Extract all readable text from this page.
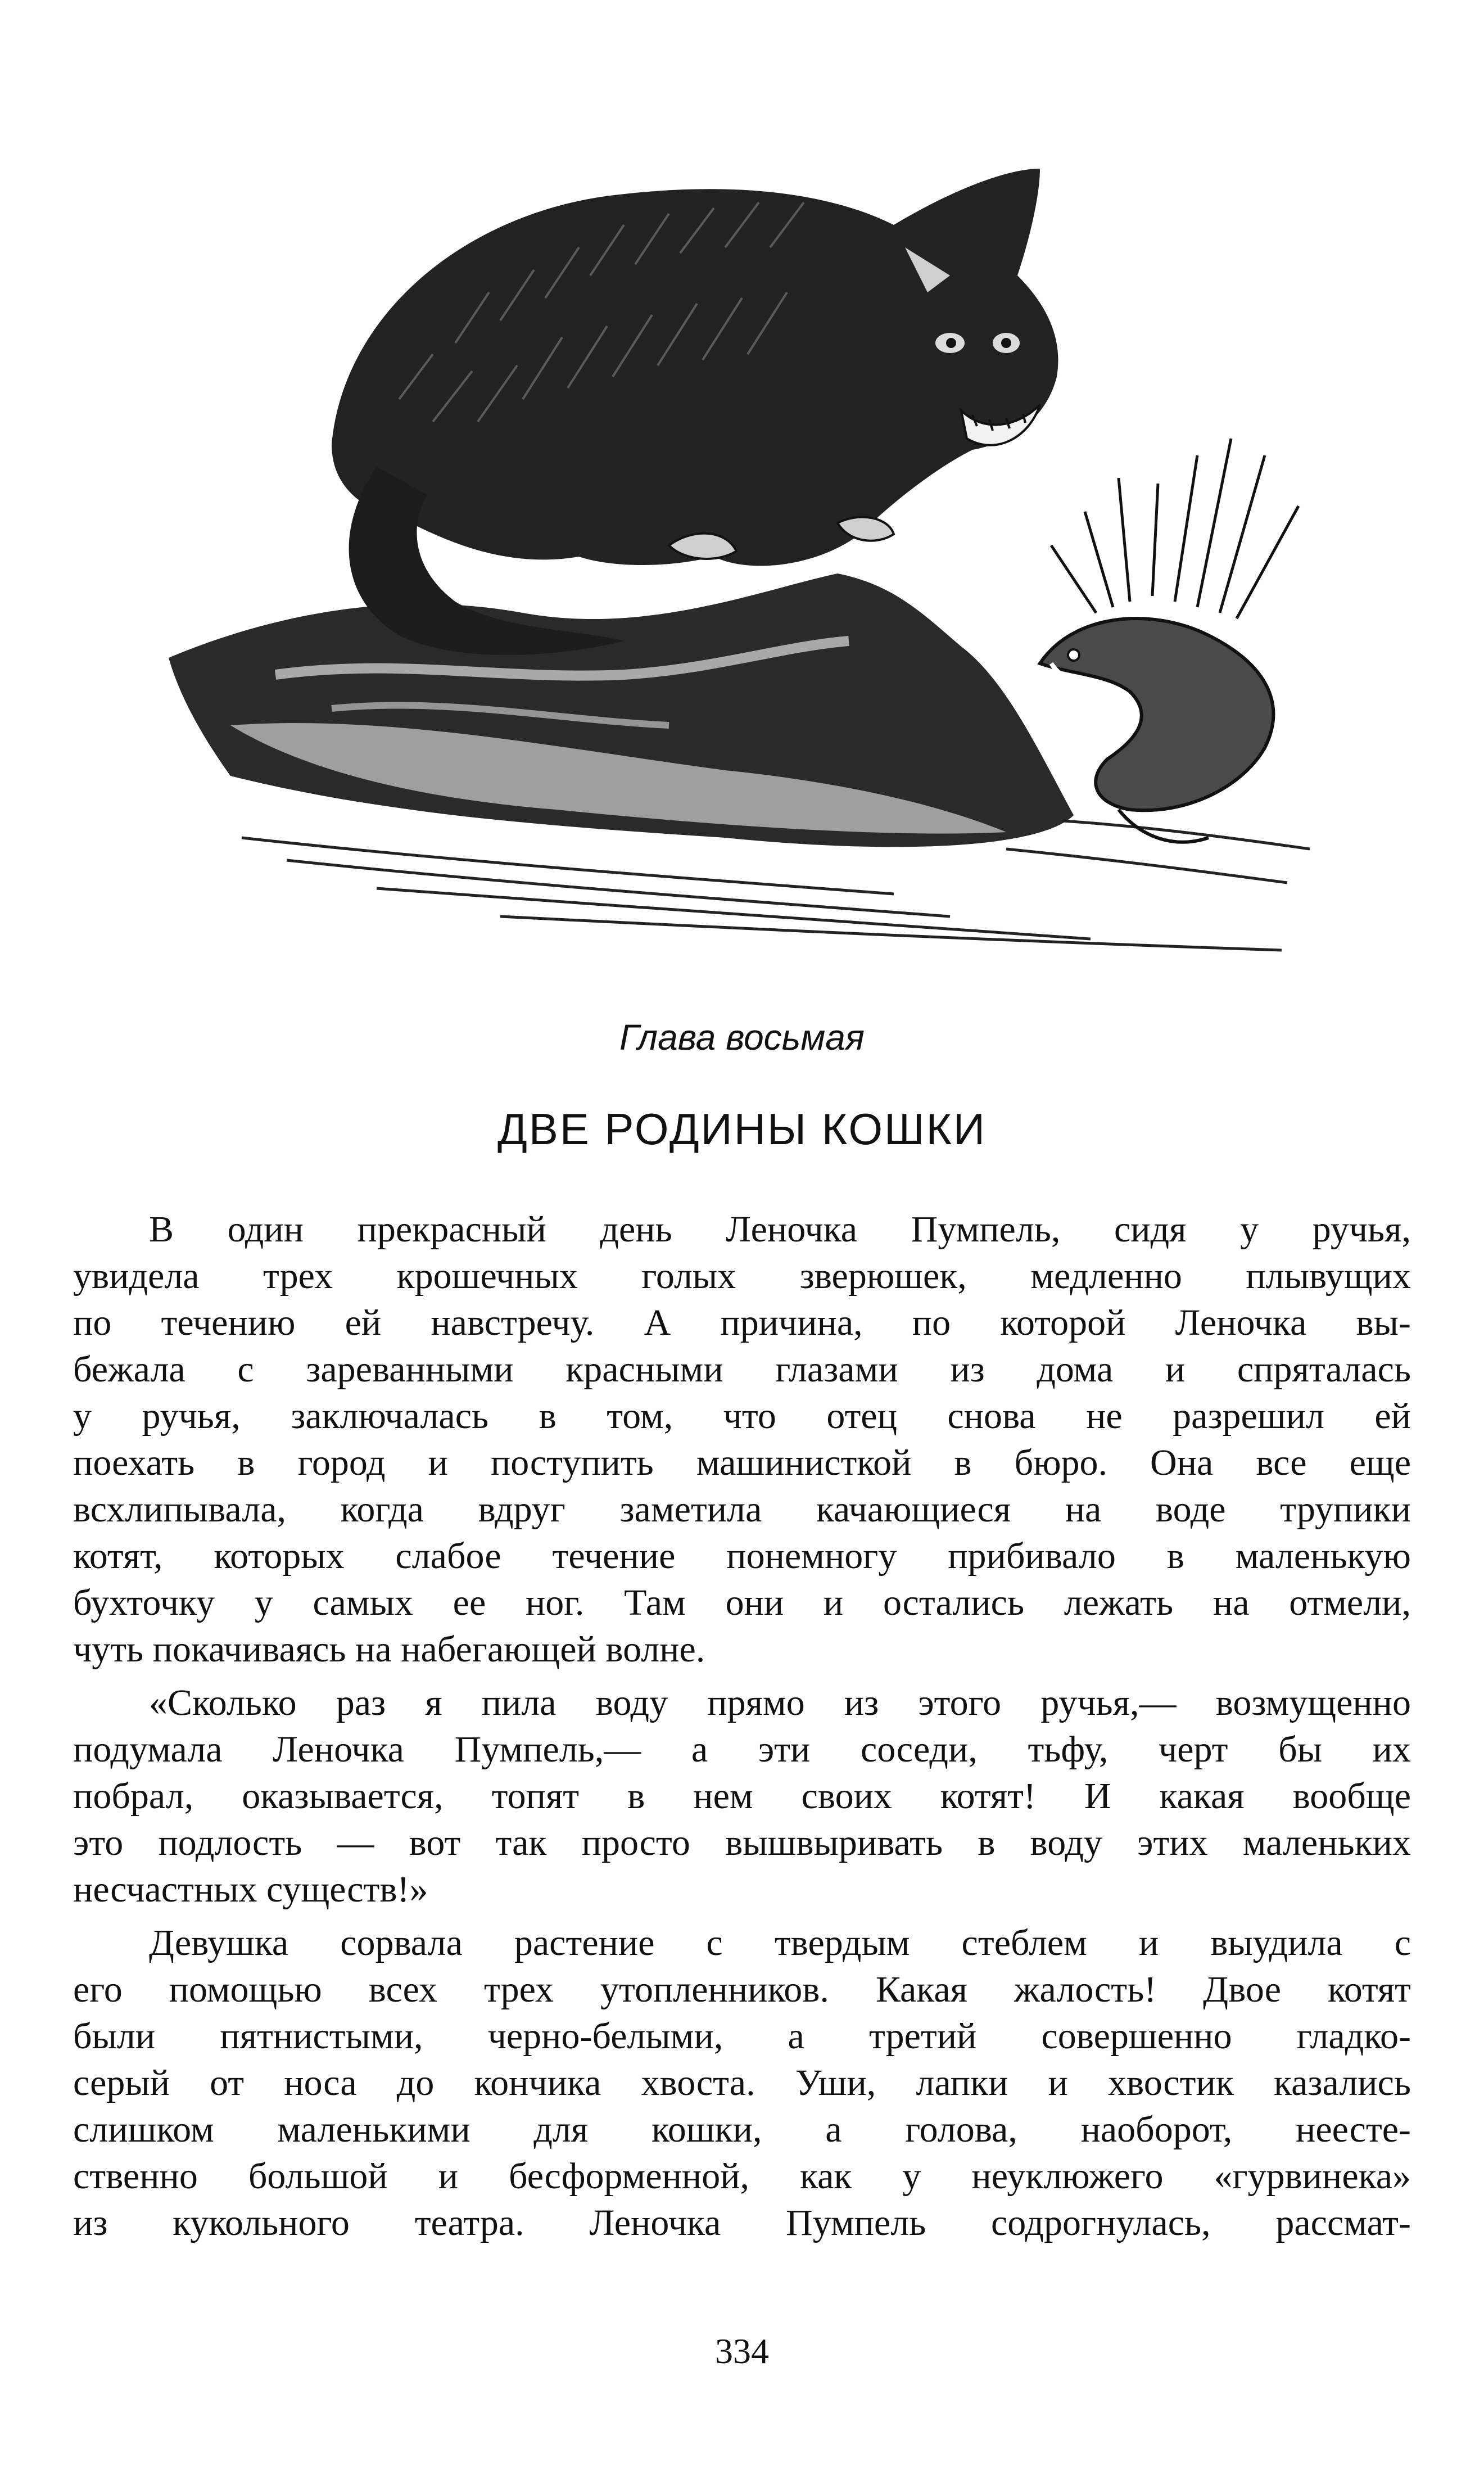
Глава восьмая
ДВЕ РОДИНЫ КОШКИ
В один прекрасный день Леночка Пумпель, сидя у ручья,
увидела трех крошечных голых зверюшек, медленно плывущих
по течению ей навстречу. А причина, по которой Леночка вы-
бежала с зареванными красными глазами из дома и спряталась
у ручья, заключалась в том, что отец снова не разрешил ей
поехать в город и поступить машинисткой в бюро. Она все еще
всхлипывала, когда вдруг заметила качающиеся на воде трупики
котят, которых слабое течение понемногу прибивало в маленькую
бухточку у самых ее ног. Там они и остались лежать на отмели,
чуть покачиваясь на набегающей волне.
«Сколько раз я пила воду прямо из этого ручья,— возмущенно
подумала Леночка Пумпель,— а эти соседи, тьфу, черт бы их
побрал, оказывается, топят в нем своих котят! И какая вообще
это подлость — вот так просто вышвыривать в воду этих маленьких
несчастных существ!»
Девушка сорвала растение с твердым стеблем и выудила с
его помощью всех трех утопленников. Какая жалость! Двое котят
были пятнистыми, черно-белыми, а третий совершенно гладко-
серый от носа до кончика хвоста. Уши, лапки и хвостик казались
слишком маленькими для кошки, а голова, наоборот, неесте-
ственно большой и бесформенной, как у неуклюжего «гурвинека»
из кукольного театра. Леночка Пумпель содрогнулась, рассмат-
334
